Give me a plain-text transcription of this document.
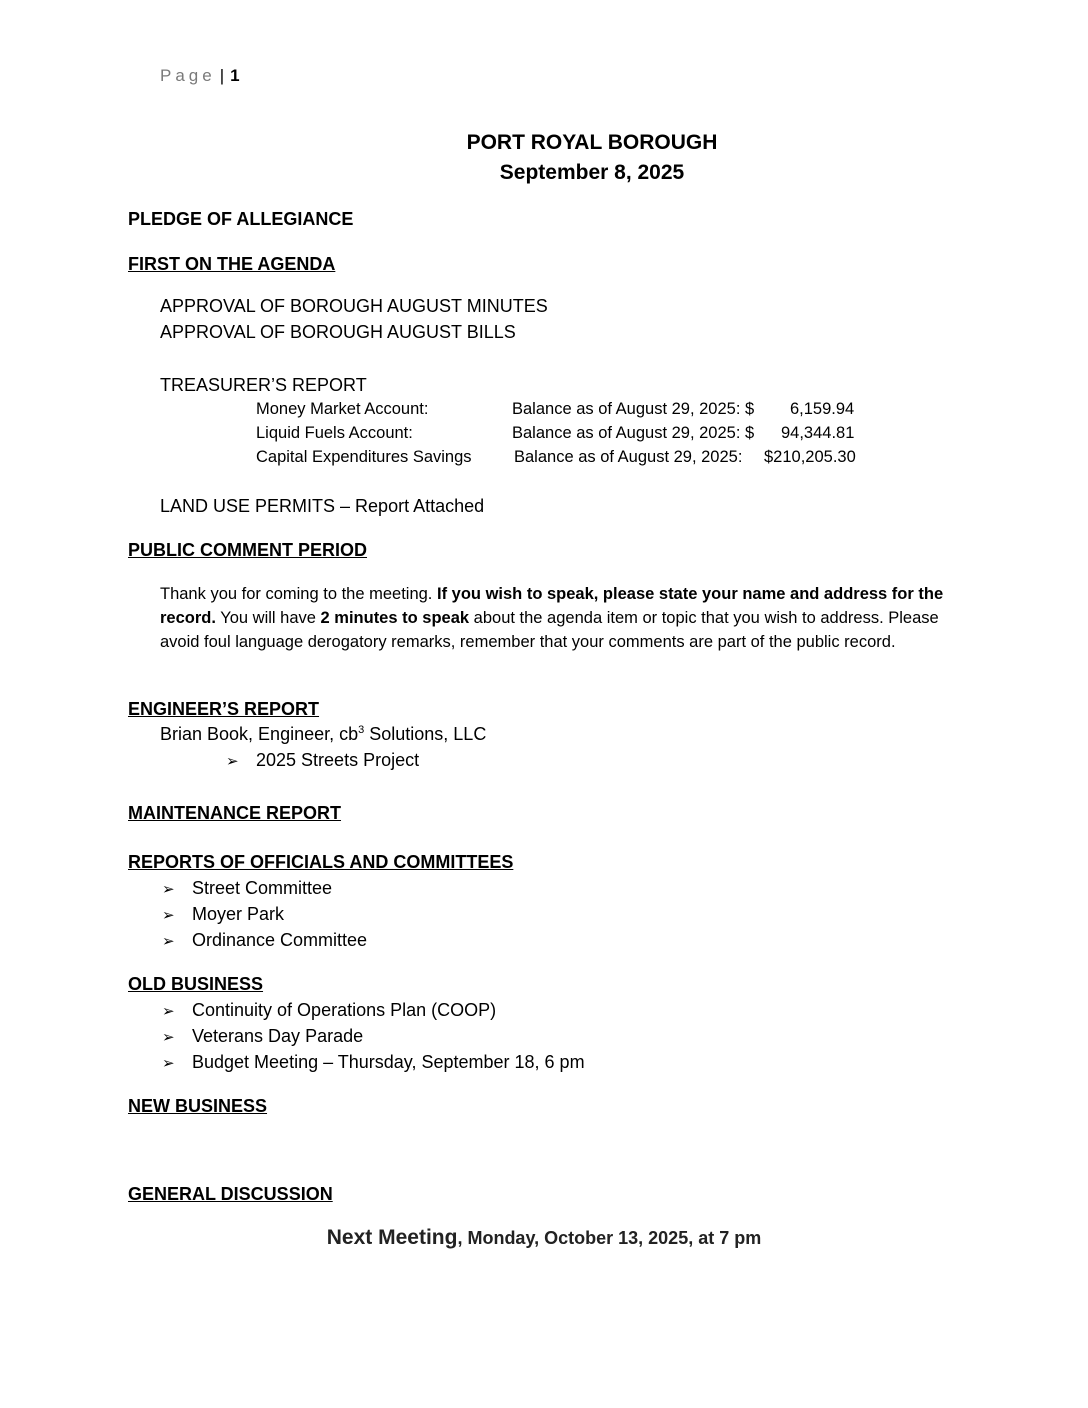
Page | 1
PORT ROYAL BOROUGH
September 8, 2025
PLEDGE OF ALLEGIANCE
FIRST ON THE AGENDA
APPROVAL OF BOROUGH AUGUST MINUTES
APPROVAL OF BOROUGH AUGUST BILLS
TREASURER’S REPORT
Money Market Account:	Balance as of August 29, 2025: $ 6,159.94
Liquid Fuels Account:	Balance as of August 29, 2025: $ 94,344.81
Capital Expenditures Savings	Balance as of August 29, 2025: $210,205.30
LAND USE PERMITS – Report Attached
PUBLIC COMMENT PERIOD
Thank you for coming to the meeting. If you wish to speak, please state your name and address for the record. You will have 2 minutes to speak about the agenda item or topic that you wish to address. Please avoid foul language derogatory remarks, remember that your comments are part of the public record.
ENGINEER’S REPORT
Brian Book, Engineer, $cb^3$ Solutions, LLC
➢ 2025 Streets Project
MAINTENANCE REPORT
REPORTS OF OFFICIALS AND COMMITTEES
➢ Street Committee
➢ Moyer Park
➢ Ordinance Committee
OLD BUSINESS
➢ Continuity of Operations Plan (COOP)
➢ Veterans Day Parade
➢ Budget Meeting – Thursday, September 18, 6 pm
NEW BUSINESS
GENERAL DISCUSSION
Next Meeting, Monday, October 13, 2025, at 7 pm
